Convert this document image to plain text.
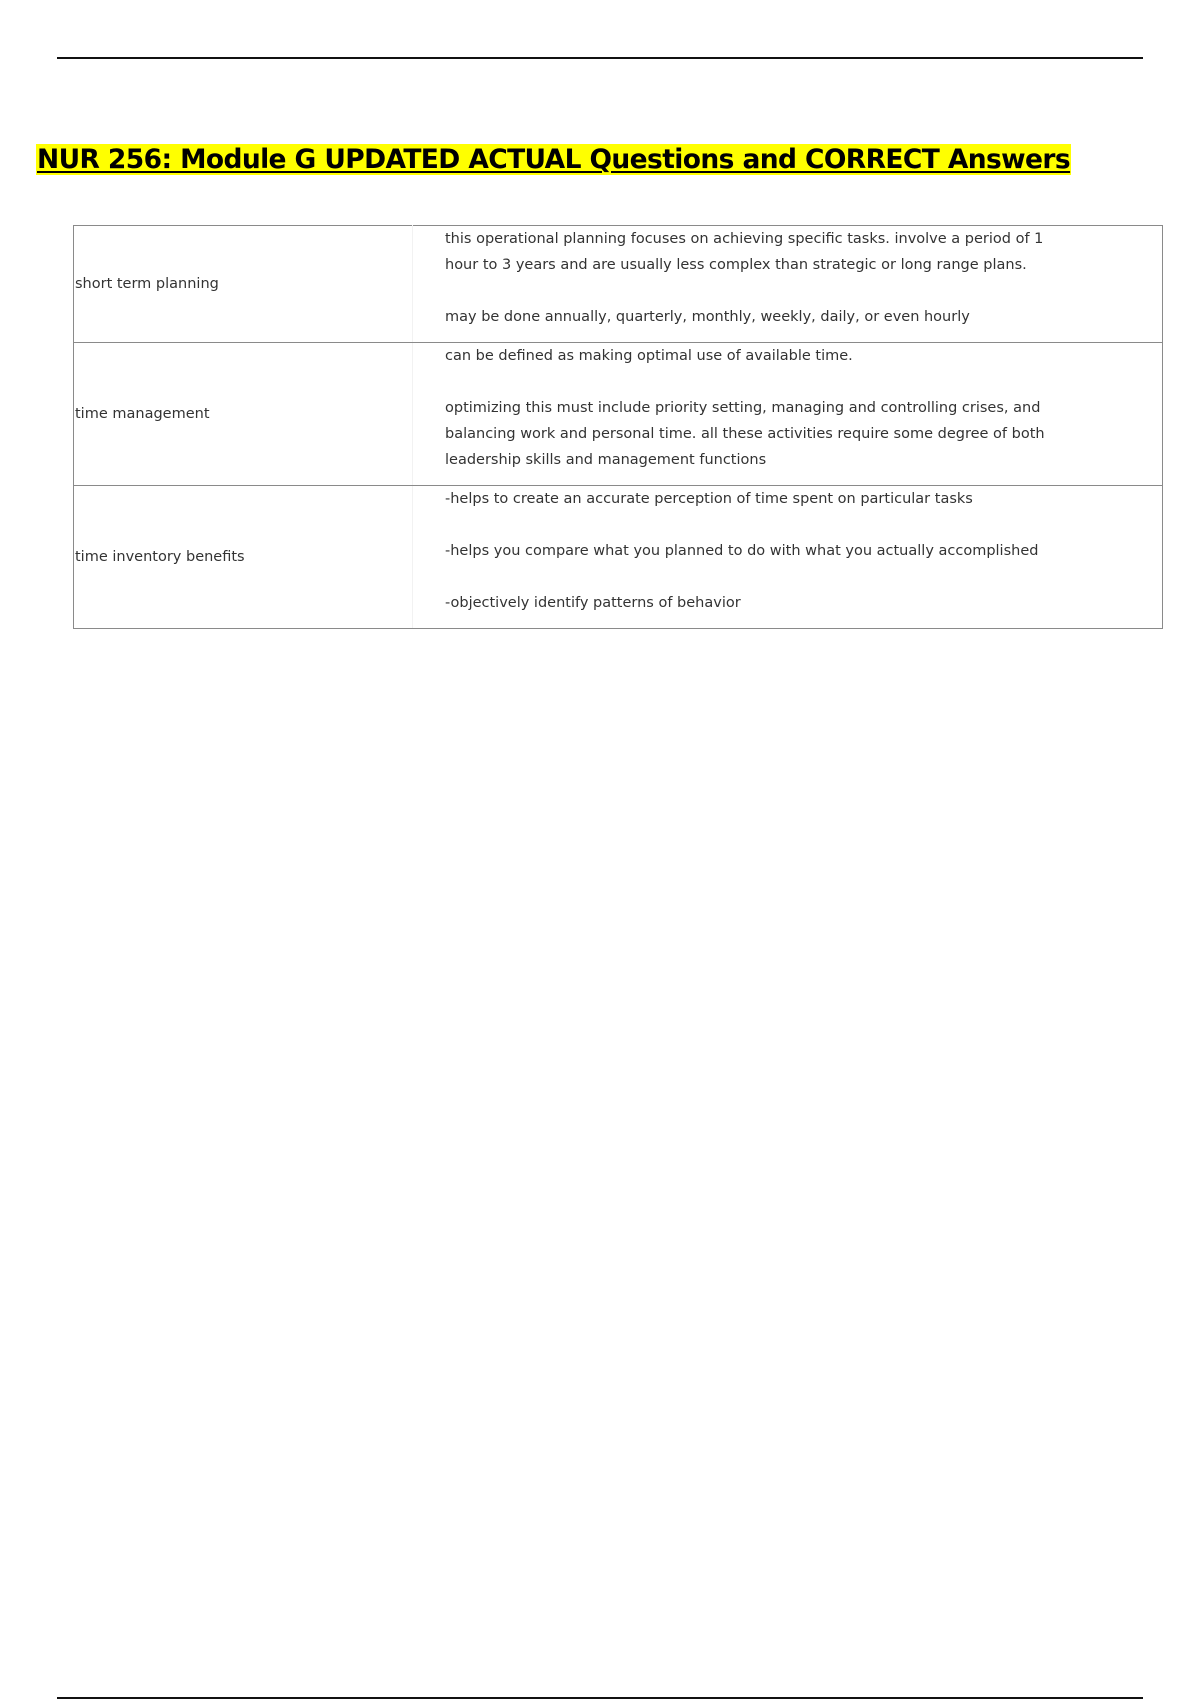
NUR 256: Module G UPDATED ACTUAL Questions and CORRECT Answers
short term planning	this operational planning focuses on achieving specific tasks. involve a period of 1
hour to 3 years and are usually less complex than strategic or long range plans.
may be done annually, quarterly, monthly, weekly, daily, or even hourly

time management	can be defined as making optimal use of available time.
optimizing this must include priority setting, managing and controlling crises, and
balancing work and personal time. all these activities require some degree of both
leadership skills and management functions

time inventory benefits	-helps to create an accurate perception of time spent on particular tasks
-helps you compare what you planned to do with what you actually accomplished
-objectively identify patterns of behavior
